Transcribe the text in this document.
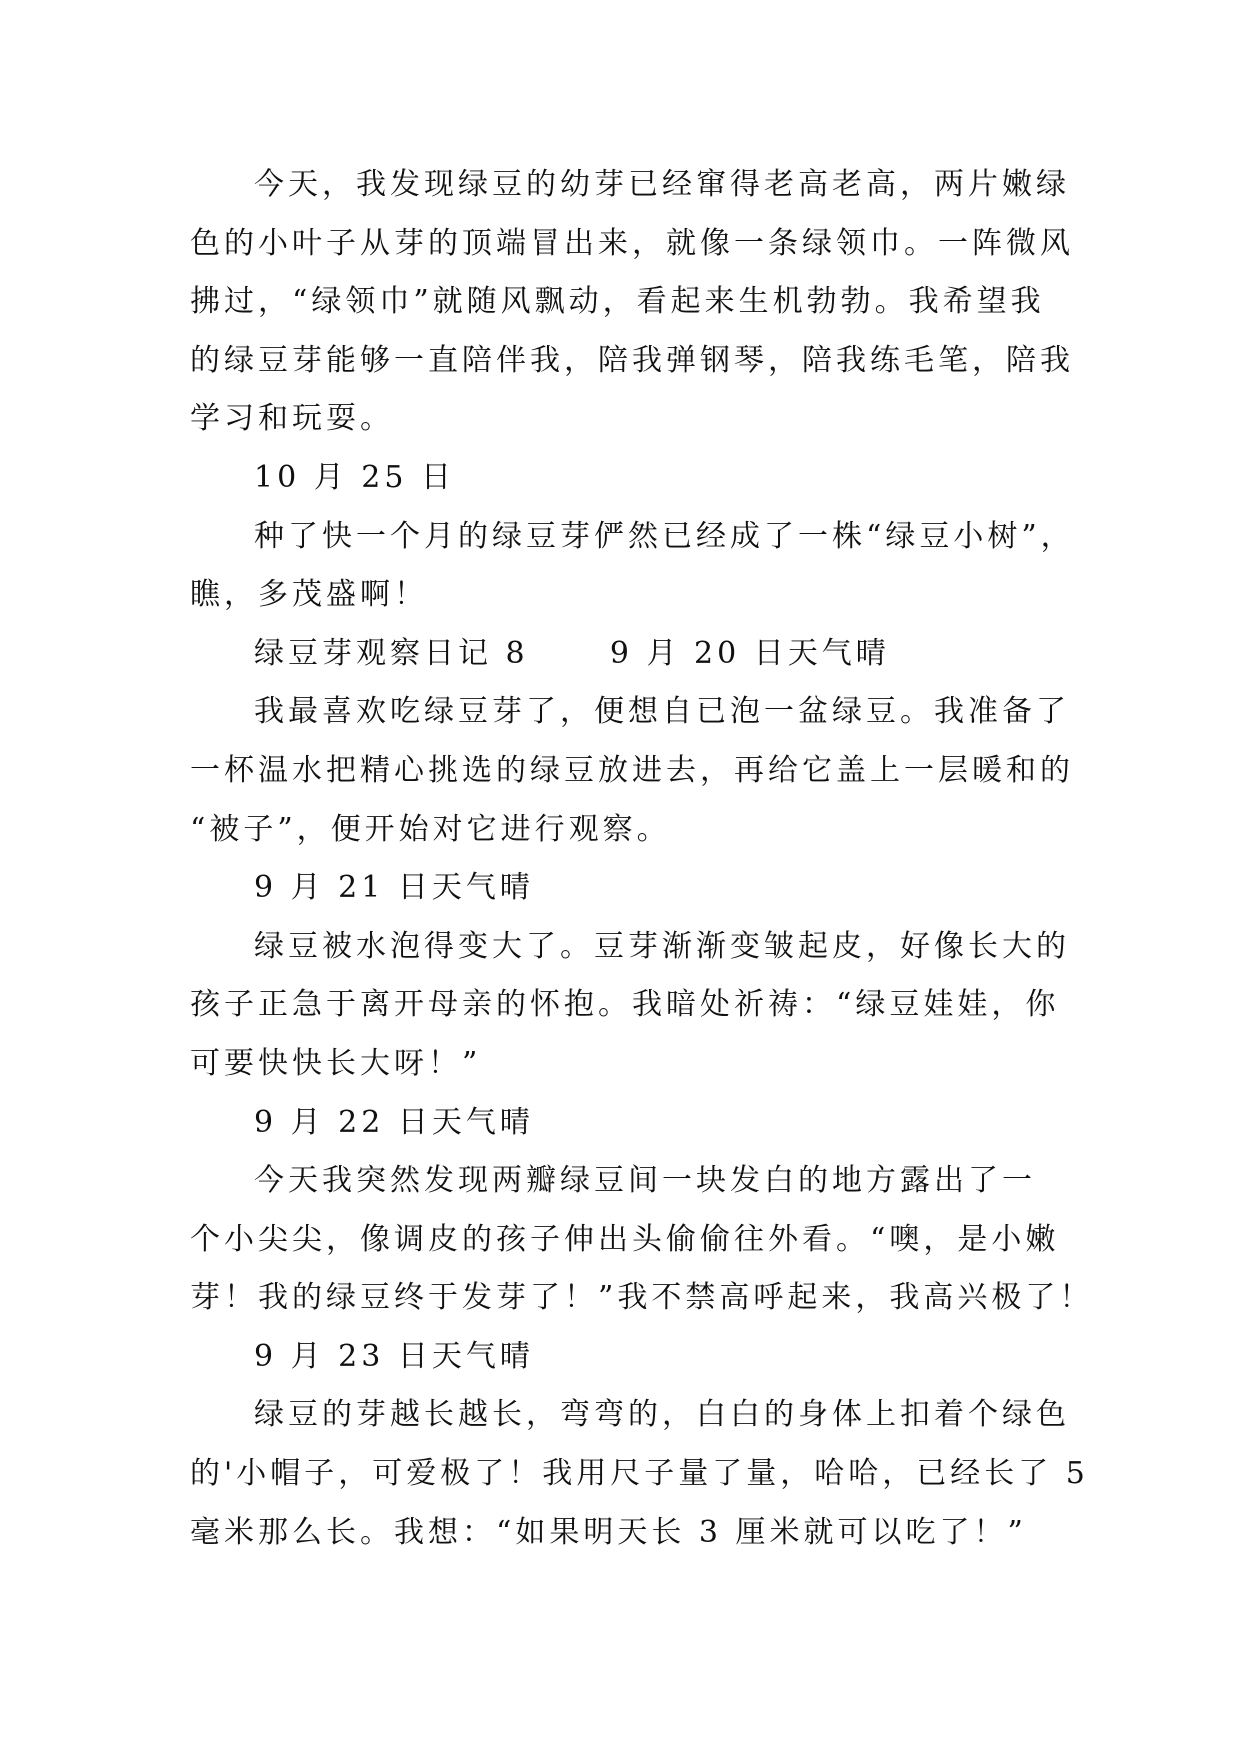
今天，我发现绿豆的幼芽已经窜得老高老高，两片嫩绿
色的小叶子从芽的顶端冒出来，就像一条绿领巾。一阵微风
拂过，“绿领巾”就随风飘动，看起来生机勃勃。我希望我
的绿豆芽能够一直陪伴我，陪我弹钢琴，陪我练毛笔，陪我
学习和玩耍。
10 月 25 日
种了快一个月的绿豆芽俨然已经成了一株“绿豆小树”，
瞧，多茂盛啊！
绿豆芽观察日记 8      9 月 20 日天气晴
我最喜欢吃绿豆芽了，便想自已泡一盆绿豆。我准备了
一杯温水把精心挑选的绿豆放进去，再给它盖上一层暖和的
“被子”，便开始对它进行观察。
9 月 21 日天气晴
绿豆被水泡得变大了。豆芽渐渐变皱起皮，好像长大的
孩子正急于离开母亲的怀抱。我暗处祈祷：“绿豆娃娃，你
可要快快长大呀！”
9 月 22 日天气晴
今天我突然发现两瓣绿豆间一块发白的地方露出了一
个小尖尖，像调皮的孩子伸出头偷偷往外看。“噢，是小嫩
芽！我的绿豆终于发芽了！”我不禁高呼起来，我高兴极了！
9 月 23 日天气晴
绿豆的芽越长越长，弯弯的，白白的身体上扣着个绿色
的'小帽子，可爱极了！我用尺子量了量，哈哈，已经长了 5
毫米那么长。我想：“如果明天长 3 厘米就可以吃了！”
